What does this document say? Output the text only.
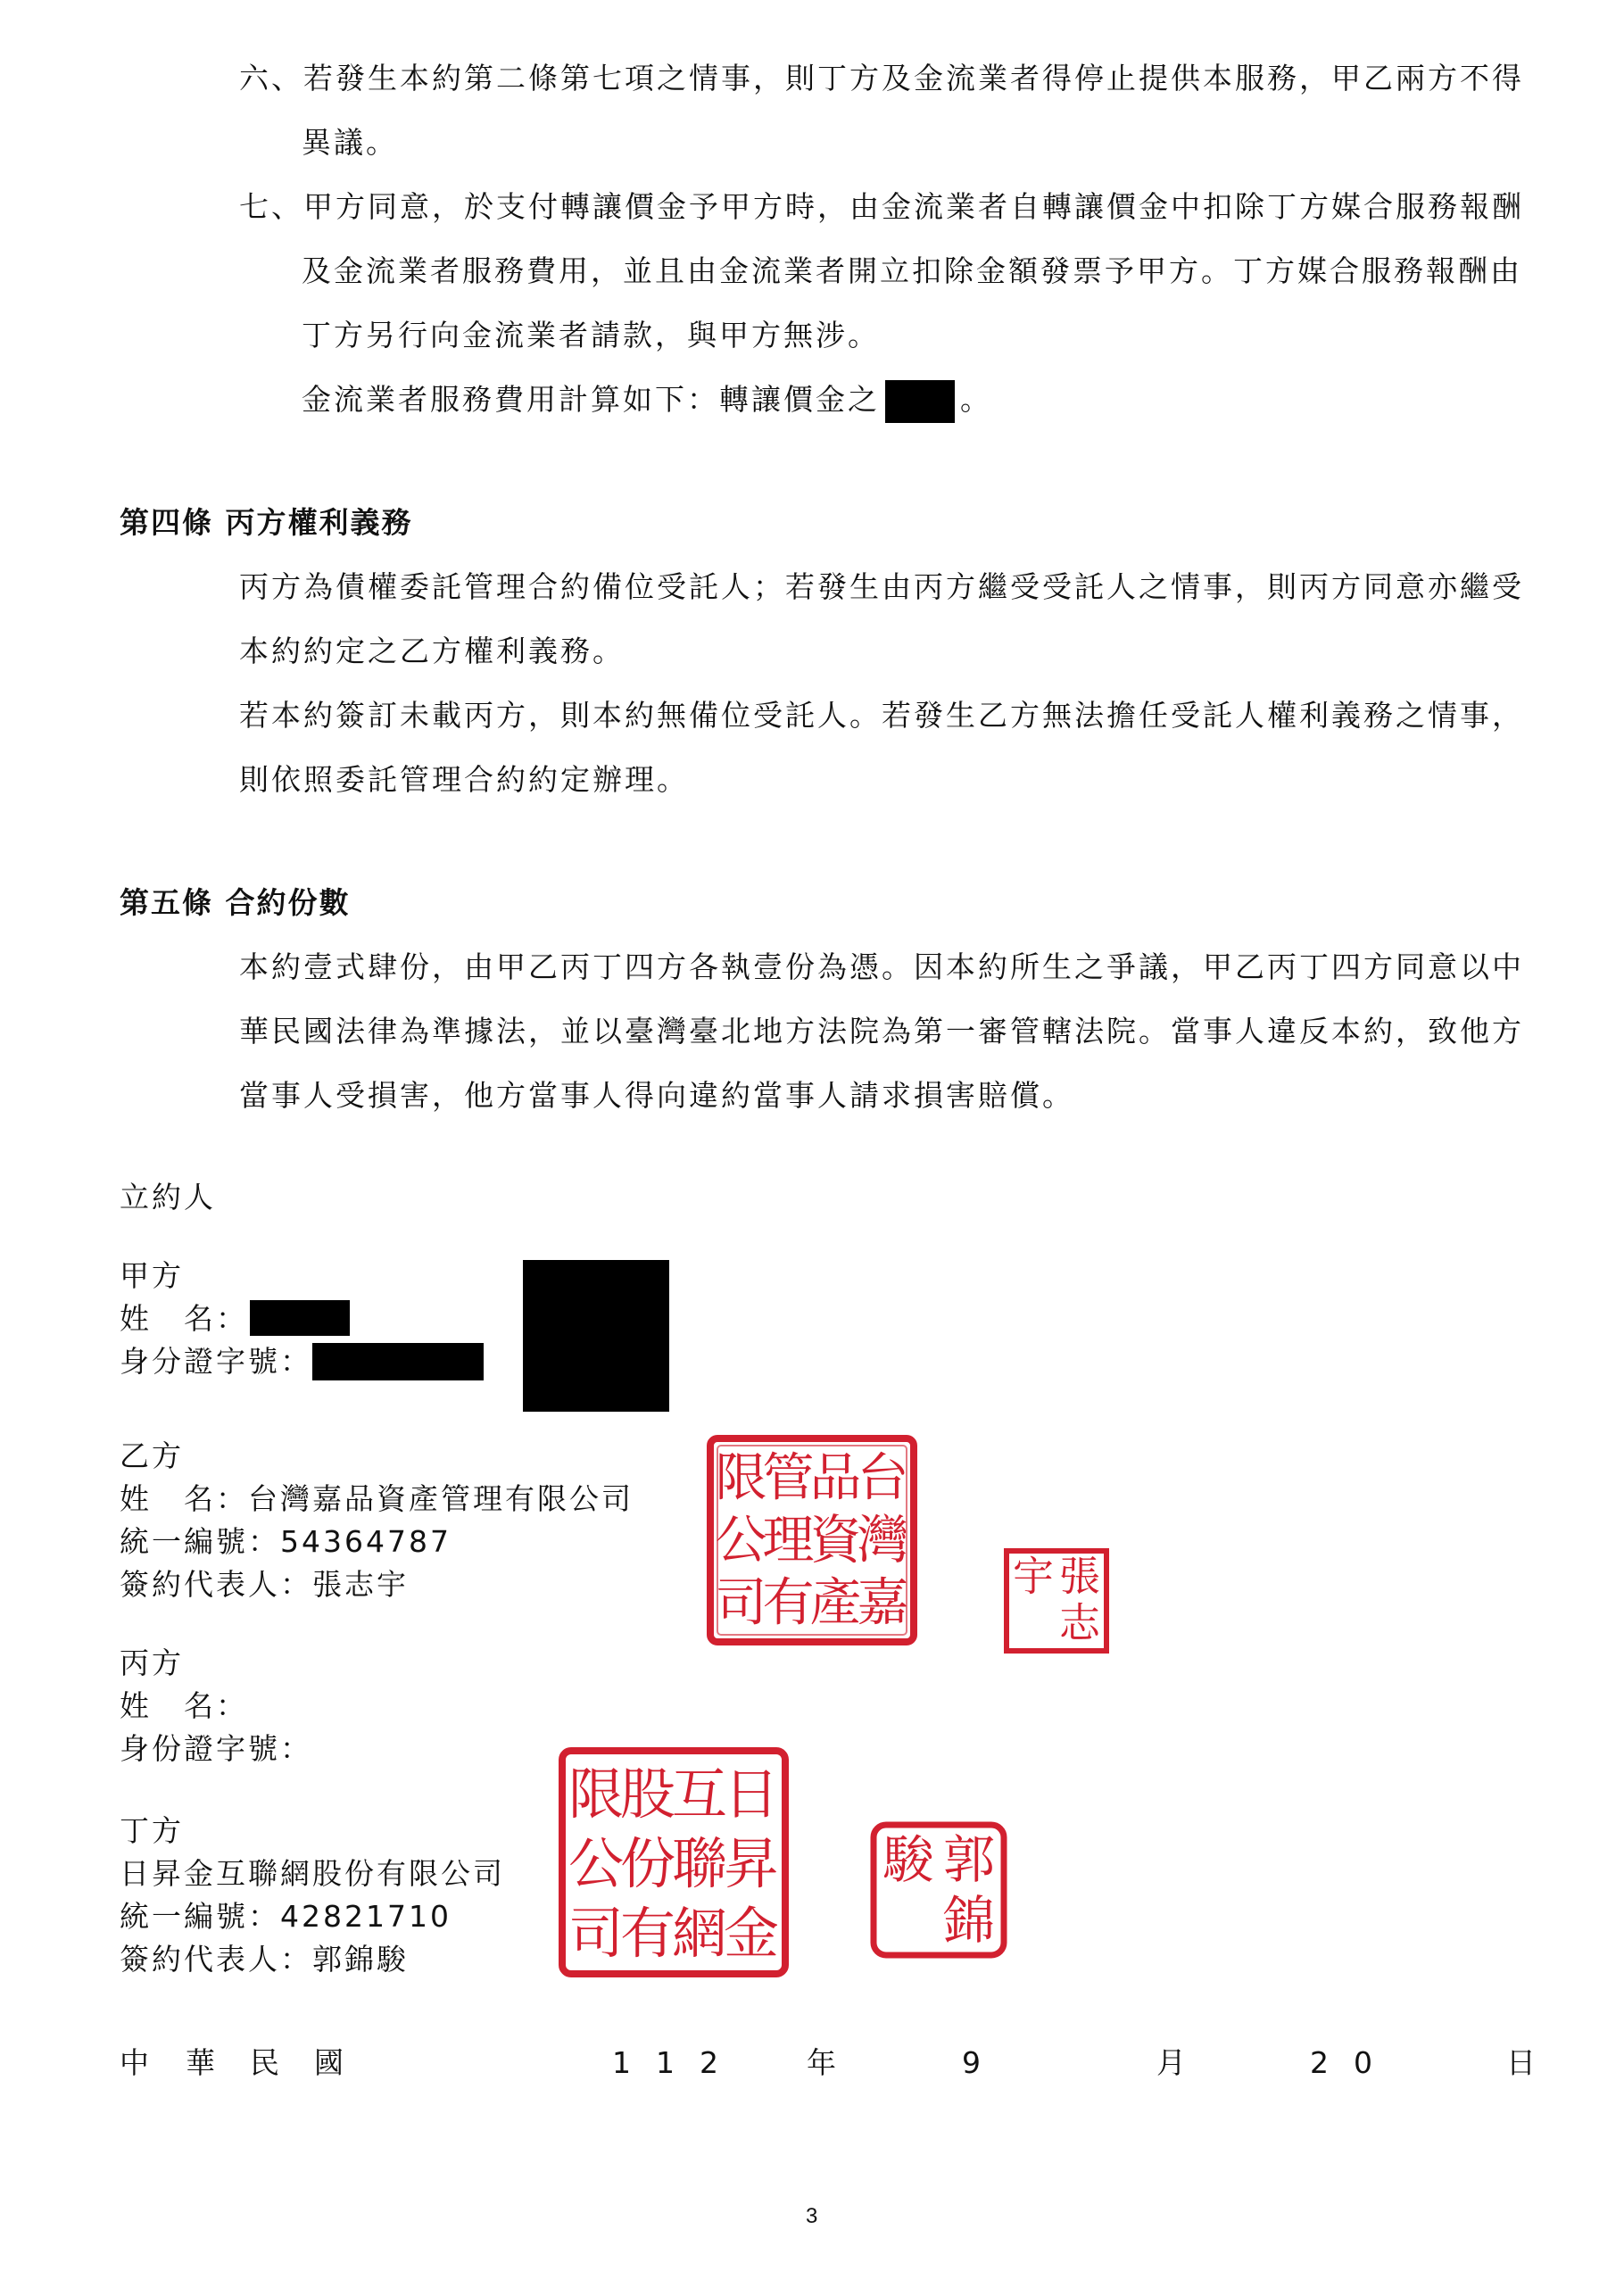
六、若發生本約第二條第七項之情事，則丁方及金流業者得停止提供本服務，甲乙兩方不得
異議。
七、甲方同意，於支付轉讓價金予甲方時，由金流業者自轉讓價金中扣除丁方媒合服務報酬
及金流業者服務費用，並且由金流業者開立扣除金額發票予甲方。丁方媒合服務報酬由
丁方另行向金流業者請款，與甲方無涉。
金流業者服務費用計算如下：轉讓價金之	。
第四條 丙方權利義務
丙方為債權委託管理合約備位受託人；若發生由丙方繼受受託人之情事，則丙方同意亦繼受
本約約定之乙方權利義務。
若本約簽訂未載丙方，則本約無備位受託人。若發生乙方無法擔任受託人權利義務之情事，
則依照委託管理合約約定辦理。
第五條 合約份數
本約壹式肆份，由甲乙丙丁四方各執壹份為憑。因本約所生之爭議，甲乙丙丁四方同意以中
華民國法律為準據法，並以臺灣臺北地方法院為第一審管轄法院。當事人違反本約，致他方
當事人受損害，他方當事人得向違約當事人請求損害賠償。
立約人
甲方
姓　名：
身分證字號：
乙方
姓　名：台灣嘉品資產管理有限公司
統一編號：54364787
簽約代表人：張志宇
台
灣
嘉
品
資
產
管
理
有
限
公
司	張
志
宇
丙方
姓　名：
身份證字號：
丁方
日昇金互聯網股份有限公司
統一編號：42821710
簽約代表人：郭錦駿
日
昇
金
互
聯
網
股
份
有
限
公
司
郭
錦
駿
中 華 民 國	112 年	9	月	20	日
3
